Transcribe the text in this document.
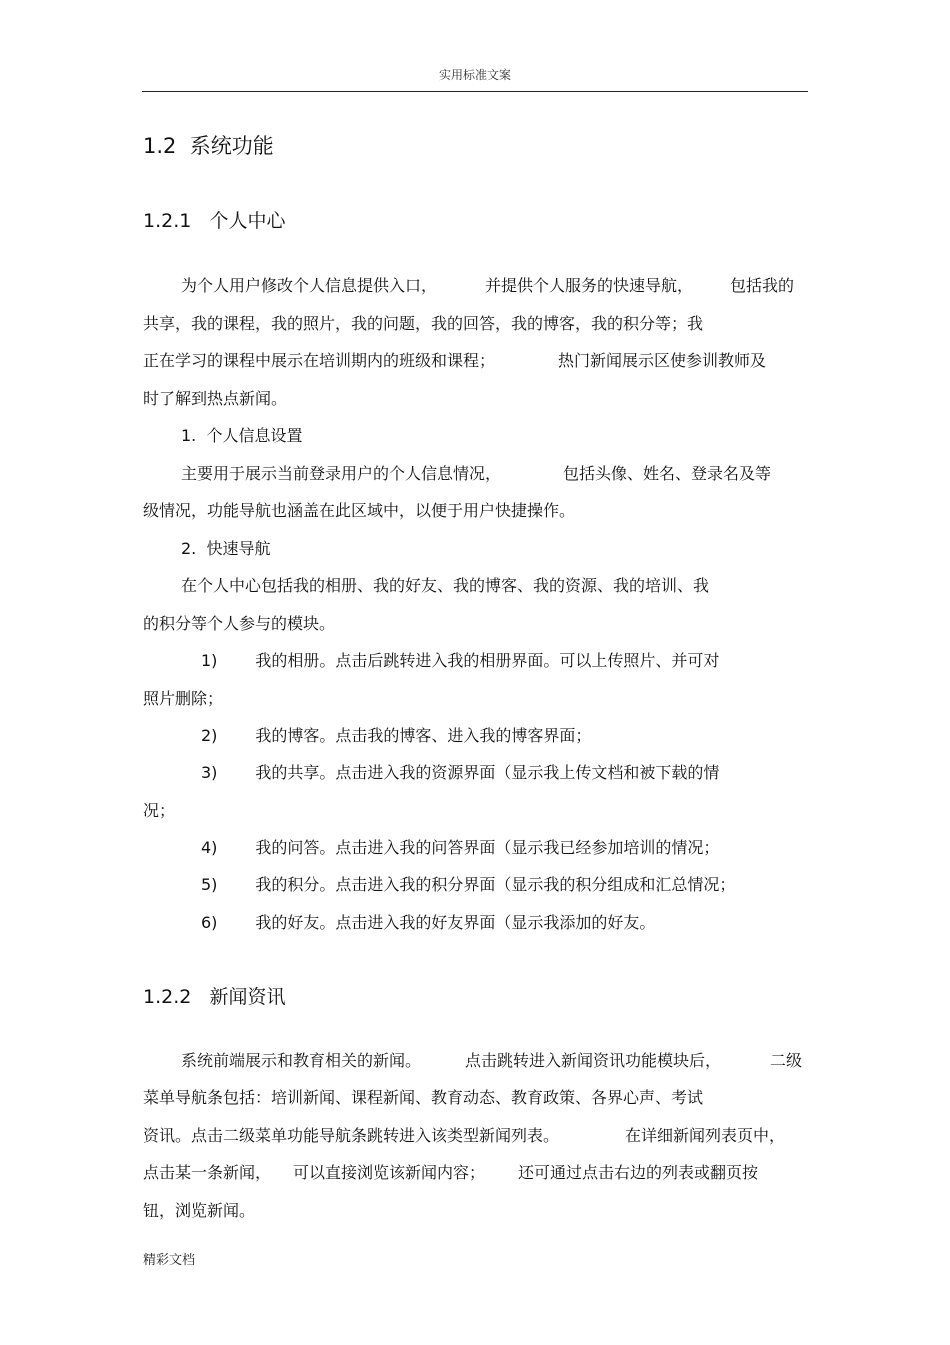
实用标准文案
1.2 系统功能
1.2.1 个人中心
为个人用户修改个人信息提供入口，	并提供个人服务的快速导航， 包括我的
共享，我的课程，我的照片，我的问题，我的回答，我的博客，我的积分等；我
正在学习的课程中展示在培训期内的班级和课程；	热门新闻展示区使参训教师及
时了解到热点新闻。
1. 个人信息设置
主要用于展示当前登录用户的个人信息情况，	包括头像、姓名、登录名及等
级情况，功能导航也涵盖在此区域中，以便于用户快捷操作。
2. 快速导航
在个人中心包括我的相册、我的好友、我的博客、我的资源、我的培训、我
的积分等个人参与的模块。
1) 我的相册。点击后跳转进入我的相册界面。可以上传照片、并可对
照片删除；
2) 我的博客。点击我的博客、进入我的博客界面；
3) 我的共享。点击进入我的资源界面（显示我上传文档和被下载的情
况；
4) 我的问答。点击进入我的问答界面（显示我已经参加培训的情况；
5) 我的积分。点击进入我的积分界面（显示我的积分组成和汇总情况；
6) 我的好友。点击进入我的好友界面（显示我添加的好友。
1.2.2 新闻资讯
系统前端展示和教育相关的新闻。	点击跳转进入新闻资讯功能模块后，	二级
菜单导航条包括：培训新闻、课程新闻、教育动态、教育政策、各界心声、考试
资讯。点击二级菜单功能导航条跳转进入该类型新闻列表。	在详细新闻列表页中，
点击某一条新闻， 可以直接浏览该新闻内容； 还可通过点击右边的列表或翻页按
钮，浏览新闻。
精彩文档
